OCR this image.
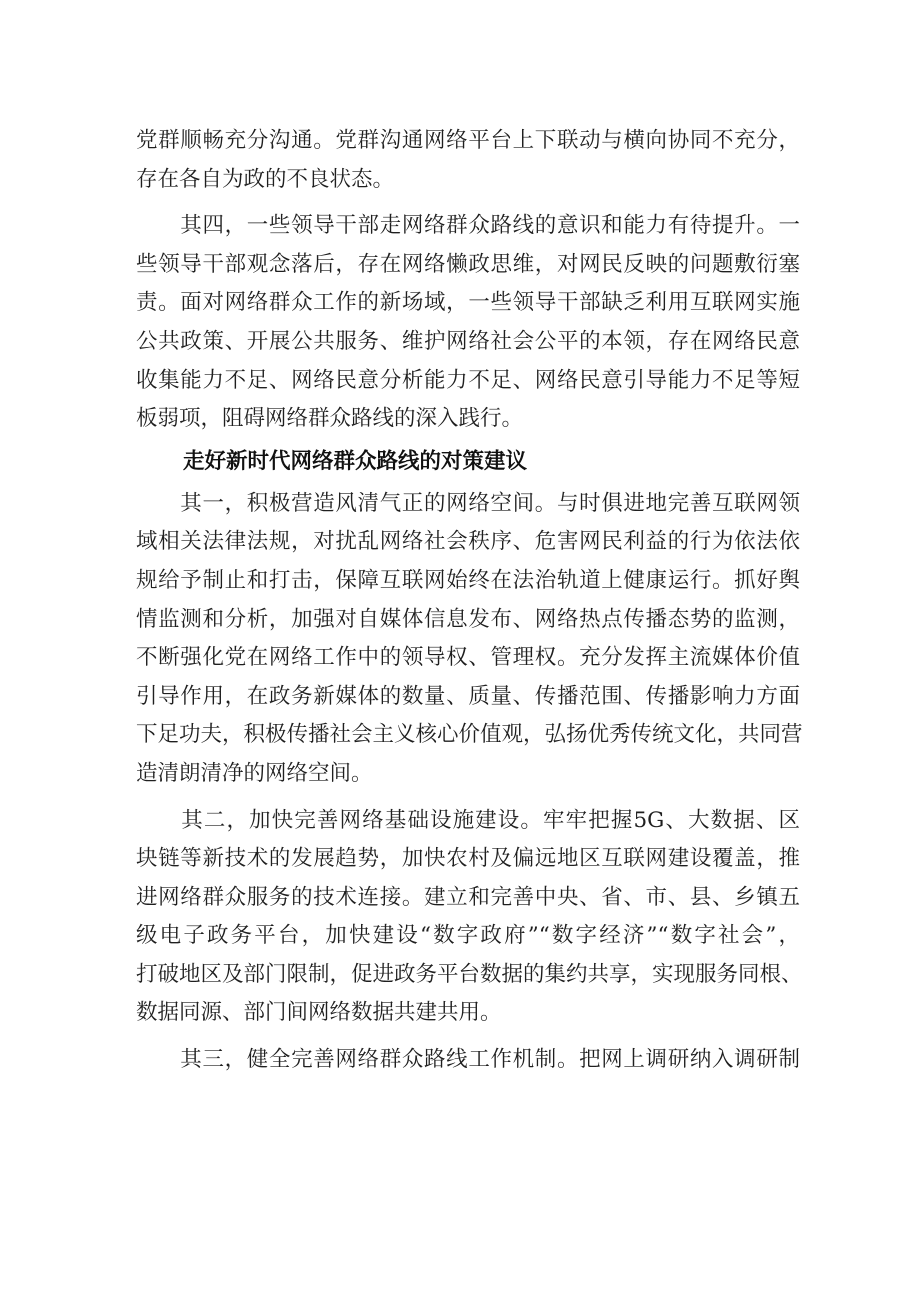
党群顺畅充分沟通。党群沟通网络平台上下联动与横向协同不充分，
存在各自为政的不良状态。
　　其四，一些领导干部走网络群众路线的意识和能力有待提升。一
些领导干部观念落后，存在网络懒政思维，对网民反映的问题敷衍塞
责。面对网络群众工作的新场域，一些领导干部缺乏利用互联网实施
公共政策、开展公共服务、维护网络社会公平的本领，存在网络民意
收集能力不足、网络民意分析能力不足、网络民意引导能力不足等短
板弱项，阻碍网络群众路线的深入践行。
走好新时代网络群众路线的对策建议
　　其一，积极营造风清气正的网络空间。与时俱进地完善互联网领
域相关法律法规，对扰乱网络社会秩序、危害网民利益的行为依法依
规给予制止和打击，保障互联网始终在法治轨道上健康运行。抓好舆
情监测和分析，加强对自媒体信息发布、网络热点传播态势的监测，
不断强化党在网络工作中的领导权、管理权。充分发挥主流媒体价值
引导作用，在政务新媒体的数量、质量、传播范围、传播影响力方面
下足功夫，积极传播社会主义核心价值观，弘扬优秀传统文化，共同营
造清朗清净的网络空间。
　　其二，加快完善网络基础设施建设。牢牢把握5G、大数据、区
块链等新技术的发展趋势，加快农村及偏远地区互联网建设覆盖，推
进网络群众服务的技术连接。建立和完善中央、省、市、县、乡镇五
级电子政务平台，加快建设“数字政府”“数字经济”“数字社会”，
打破地区及部门限制，促进政务平台数据的集约共享，实现服务同根、
数据同源、部门间网络数据共建共用。
　　其三，健全完善网络群众路线工作机制。把网上调研纳入调研制
